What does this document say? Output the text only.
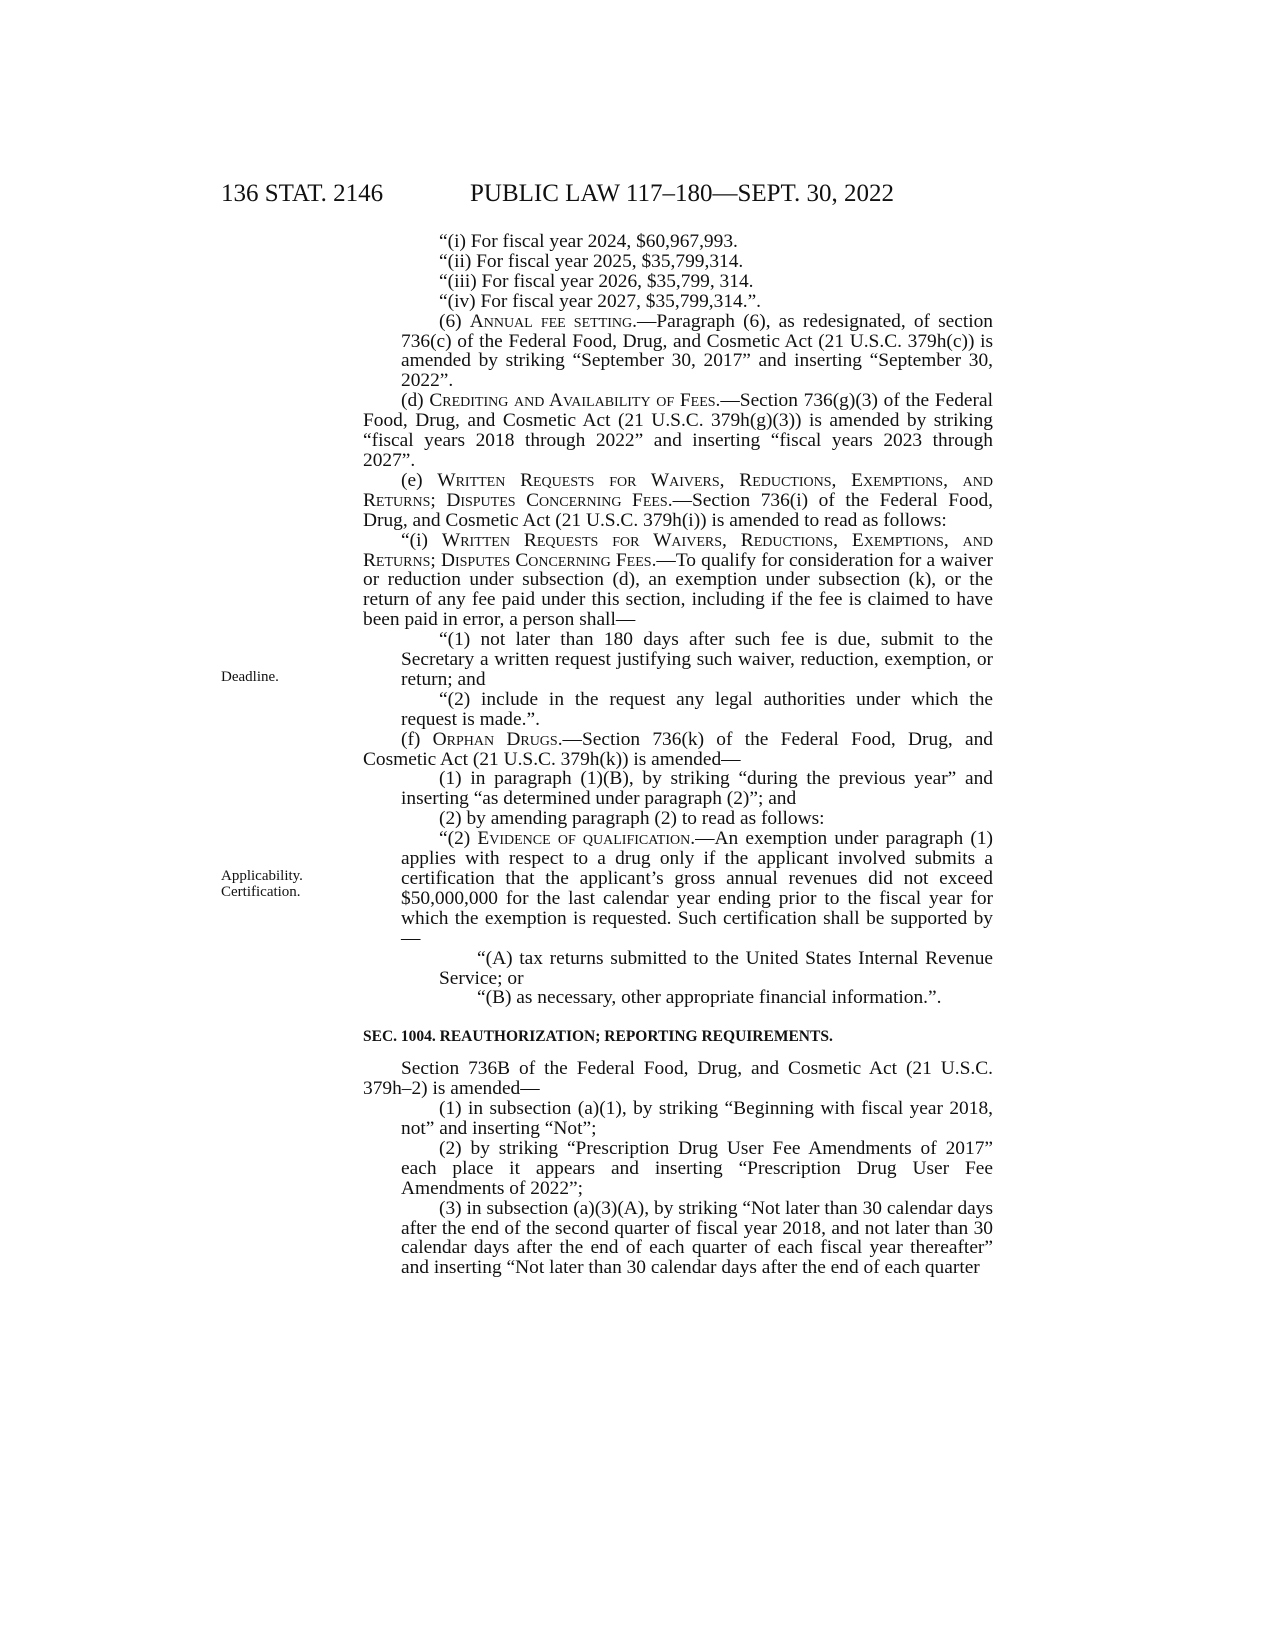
136 STAT. 2146	PUBLIC LAW 117–180—SEPT. 30, 2022
Deadline.
Applicability.
Certification.

“(i) For fiscal year 2024, $60,967,993.

“(ii) For fiscal year 2025, $35,799,314.

“(iii) For fiscal year 2026, $35,799, 314.

“(iv) For fiscal year 2027, $35,799,314.”.

(6) Annual fee setting.—Paragraph (6), as redesignated, of section 736(c) of the Federal Food, Drug, and Cosmetic Act (21 U.S.C. 379h(c)) is amended by striking “September 30, 2017” and inserting “September 30, 2022”.

(d) Crediting and Availability of Fees.—Section 736(g)(3) of the Federal Food, Drug, and Cosmetic Act (21 U.S.C. 379h(g)(3)) is amended by striking “fiscal years 2018 through 2022” and inserting “fiscal years 2023 through 2027”.

(e) Written Requests for Waivers, Reductions, Exemptions, and Returns; Disputes Concerning Fees.—Section 736(i) of the Federal Food, Drug, and Cosmetic Act (21 U.S.C. 379h(i)) is amended to read as follows:

“(i) Written Requests for Waivers, Reductions, Exemptions, and Returns; Disputes Concerning Fees.—To qualify for consideration for a waiver or reduction under subsection (d), an exemption under subsection (k), or the return of any fee paid under this section, including if the fee is claimed to have been paid in error, a person shall—

“(1) not later than 180 days after such fee is due, submit to the Secretary a written request justifying such waiver, reduction, exemption, or return; and

“(2) include in the request any legal authorities under which the request is made.”.

(f) Orphan Drugs.—Section 736(k) of the Federal Food, Drug, and Cosmetic Act (21 U.S.C. 379h(k)) is amended—

(1) in paragraph (1)(B), by striking “during the previous year” and inserting “as determined under paragraph (2)”; and

(2) by amending paragraph (2) to read as follows:

“(2) Evidence of qualification.—An exemption under paragraph (1) applies with respect to a drug only if the applicant involved submits a certification that the applicant’s gross annual revenues did not exceed $50,000,000 for the last calendar year ending prior to the fiscal year for which the exemption is requested. Such certification shall be supported by—

“(A) tax returns submitted to the United States Internal Revenue Service; or

“(B) as necessary, other appropriate financial information.”.

SEC. 1004. REAUTHORIZATION; REPORTING REQUIREMENTS.

Section 736B of the Federal Food, Drug, and Cosmetic Act (21 U.S.C. 379h–2) is amended—

(1) in subsection (a)(1), by striking “Beginning with fiscal year 2018, not” and inserting “Not”;

(2) by striking “Prescription Drug User Fee Amendments of 2017” each place it appears and inserting “Prescription Drug User Fee Amendments of 2022”;

(3) in subsection (a)(3)(A), by striking “Not later than 30 calendar days after the end of the second quarter of fiscal year 2018, and not later than 30 calendar days after the end of each quarter of each fiscal year thereafter” and inserting “Not later than 30 calendar days after the end of each quarter
